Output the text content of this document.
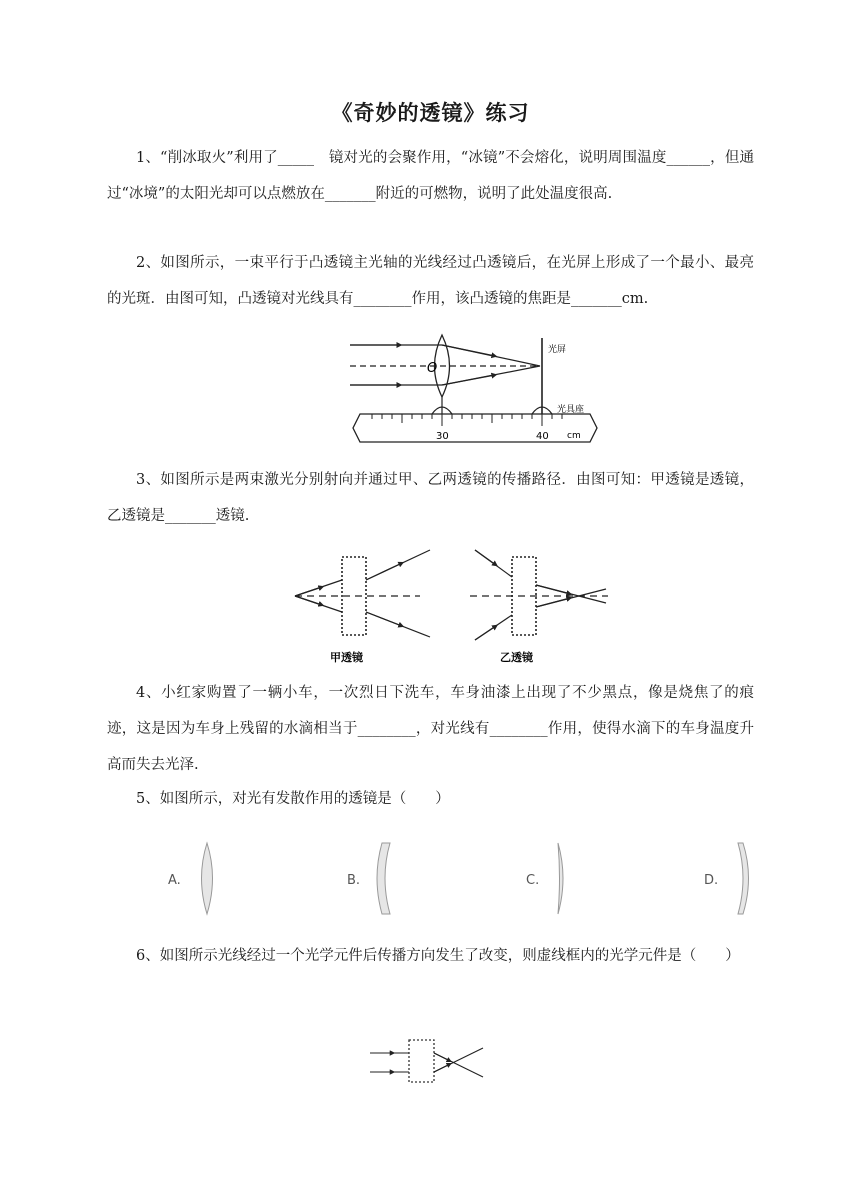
《奇妙的透镜》练习
1、“削冰取火”利用了_____　镜对光的会聚作用，“冰镜”不会熔化，说明周围温度______，但通过“冰境”的太阳光却可以点燃放在_______附近的可燃物，说明了此处温度很高.
2、如图所示，一束平行于凸透镜主光轴的光线经过凸透镜后，在光屏上形成了一个最小、最亮的光斑．由图可知，凸透镜对光线具有________作用，该凸透镜的焦距是_______cm.
O
光屏
光具座
30	40 cm
3、如图所示是两束激光分别射向并通过甲、乙两透镜的传播路径．由图可知：甲透镜是透镜，乙透镜是_______透镜.
甲透镜	乙透镜
4、小红家购置了一辆小车，一次烈日下洗车，车身油漆上出现了不少黑点，像是烧焦了的痕迹，这是因为车身上残留的水滴相当于________，对光线有________作用，使得水滴下的车身温度升高而失去光泽.
5、如图所示，对光有发散作用的透镜是（　　）
A.	B.	C.	D.
6、如图所示光线经过一个光学元件后传播方向发生了改变，则虚线框内的光学元件是（　　）
